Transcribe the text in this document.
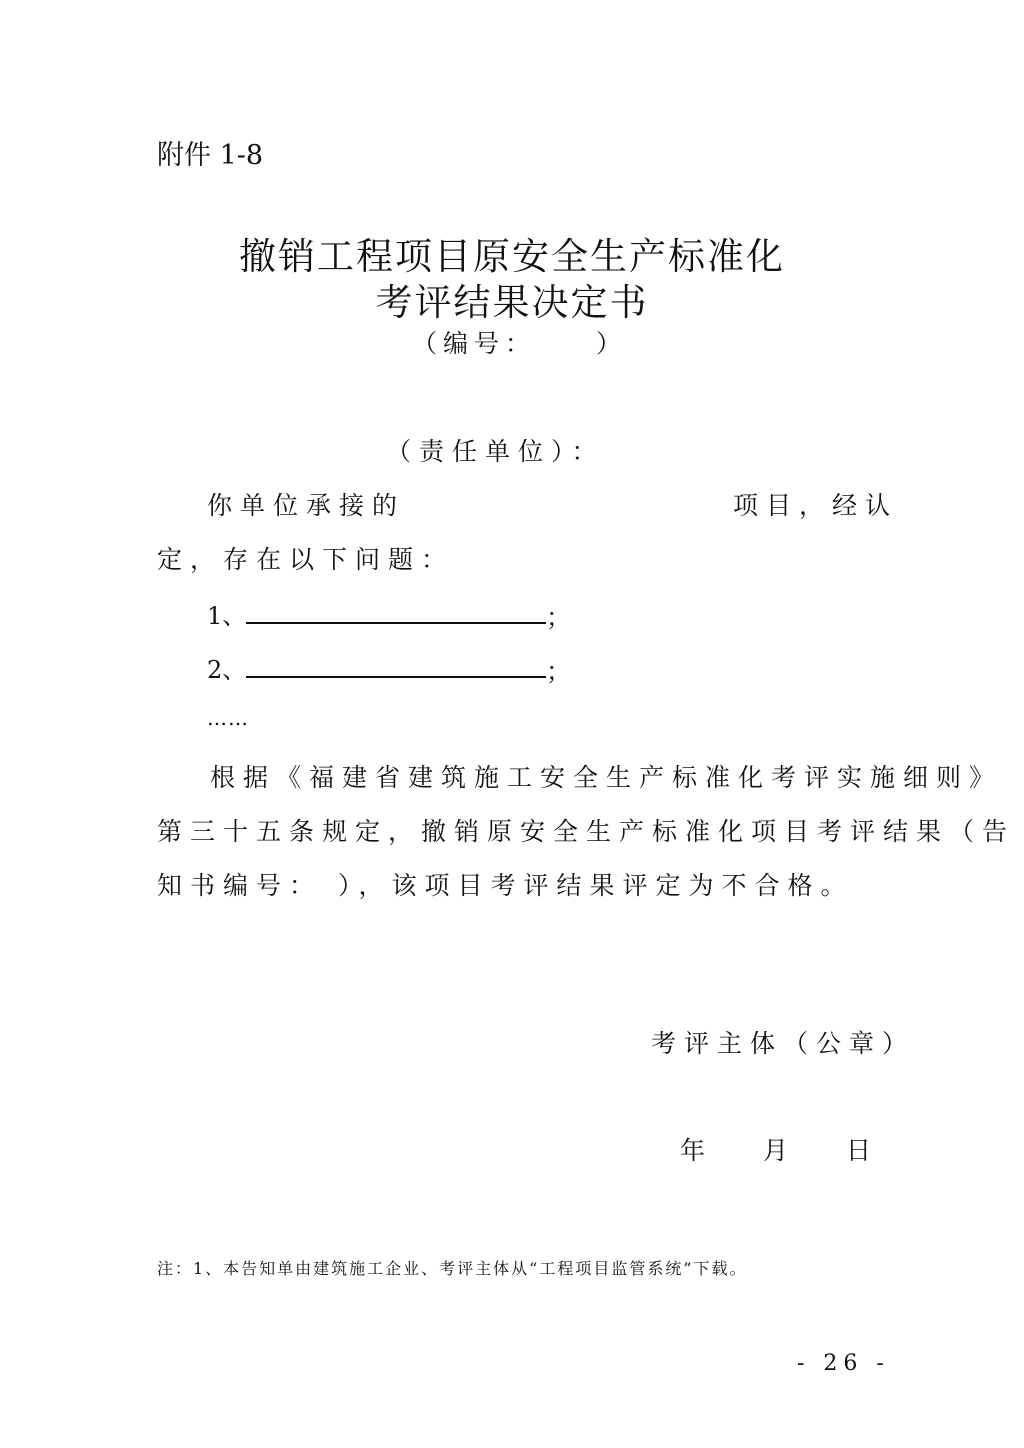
附件 1-8
撤销工程项目原安全生产标准化
考评结果决定书
（编号： ）
（责任单位）：
你单位承接的	项目，经认
定，存在以下问题：
1、	；
2、	；
……
根据《福建省建筑施工安全生产标准化考评实施细则》
第三十五条规定，撤销原安全生产标准化项目考评结果（告
知书编号： ），该项目考评结果评定为不合格。
考评主体（公章）
年 月 日
注：1、本告知单由建筑施工企业、考评主体从“工程项目监管系统”下载。
- 26 -
